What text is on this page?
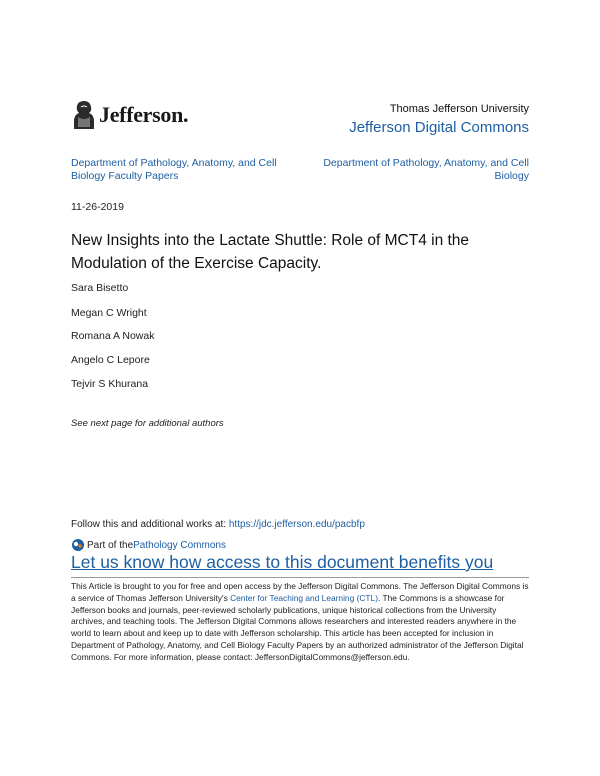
Jefferson.	Thomas Jefferson University
Jefferson Digital Commons
Department of Pathology, Anatomy, and Cell Biology Faculty Papers
Department of Pathology, Anatomy, and Cell Biology
11-26-2019
New Insights into the Lactate Shuttle: Role of MCT4 in the Modulation of the Exercise Capacity.
Sara Bisetto
Megan C Wright
Romana A Nowak
Angelo C Lepore
Tejvir S Khurana
See next page for additional authors
Follow this and additional works at: https://jdc.jefferson.edu/pacbfp
Part of the Pathology Commons
Let us know how access to this document benefits you
This Article is brought to you for free and open access by the Jefferson Digital Commons. The Jefferson Digital Commons is a service of Thomas Jefferson University's Center for Teaching and Learning (CTL). The Commons is a showcase for Jefferson books and journals, peer-reviewed scholarly publications, unique historical collections from the University archives, and teaching tools. The Jefferson Digital Commons allows researchers and interested readers anywhere in the world to learn about and keep up to date with Jefferson scholarship. This article has been accepted for inclusion in Department of Pathology, Anatomy, and Cell Biology Faculty Papers by an authorized administrator of the Jefferson Digital Commons. For more information, please contact: JeffersonDigitalCommons@jefferson.edu.
